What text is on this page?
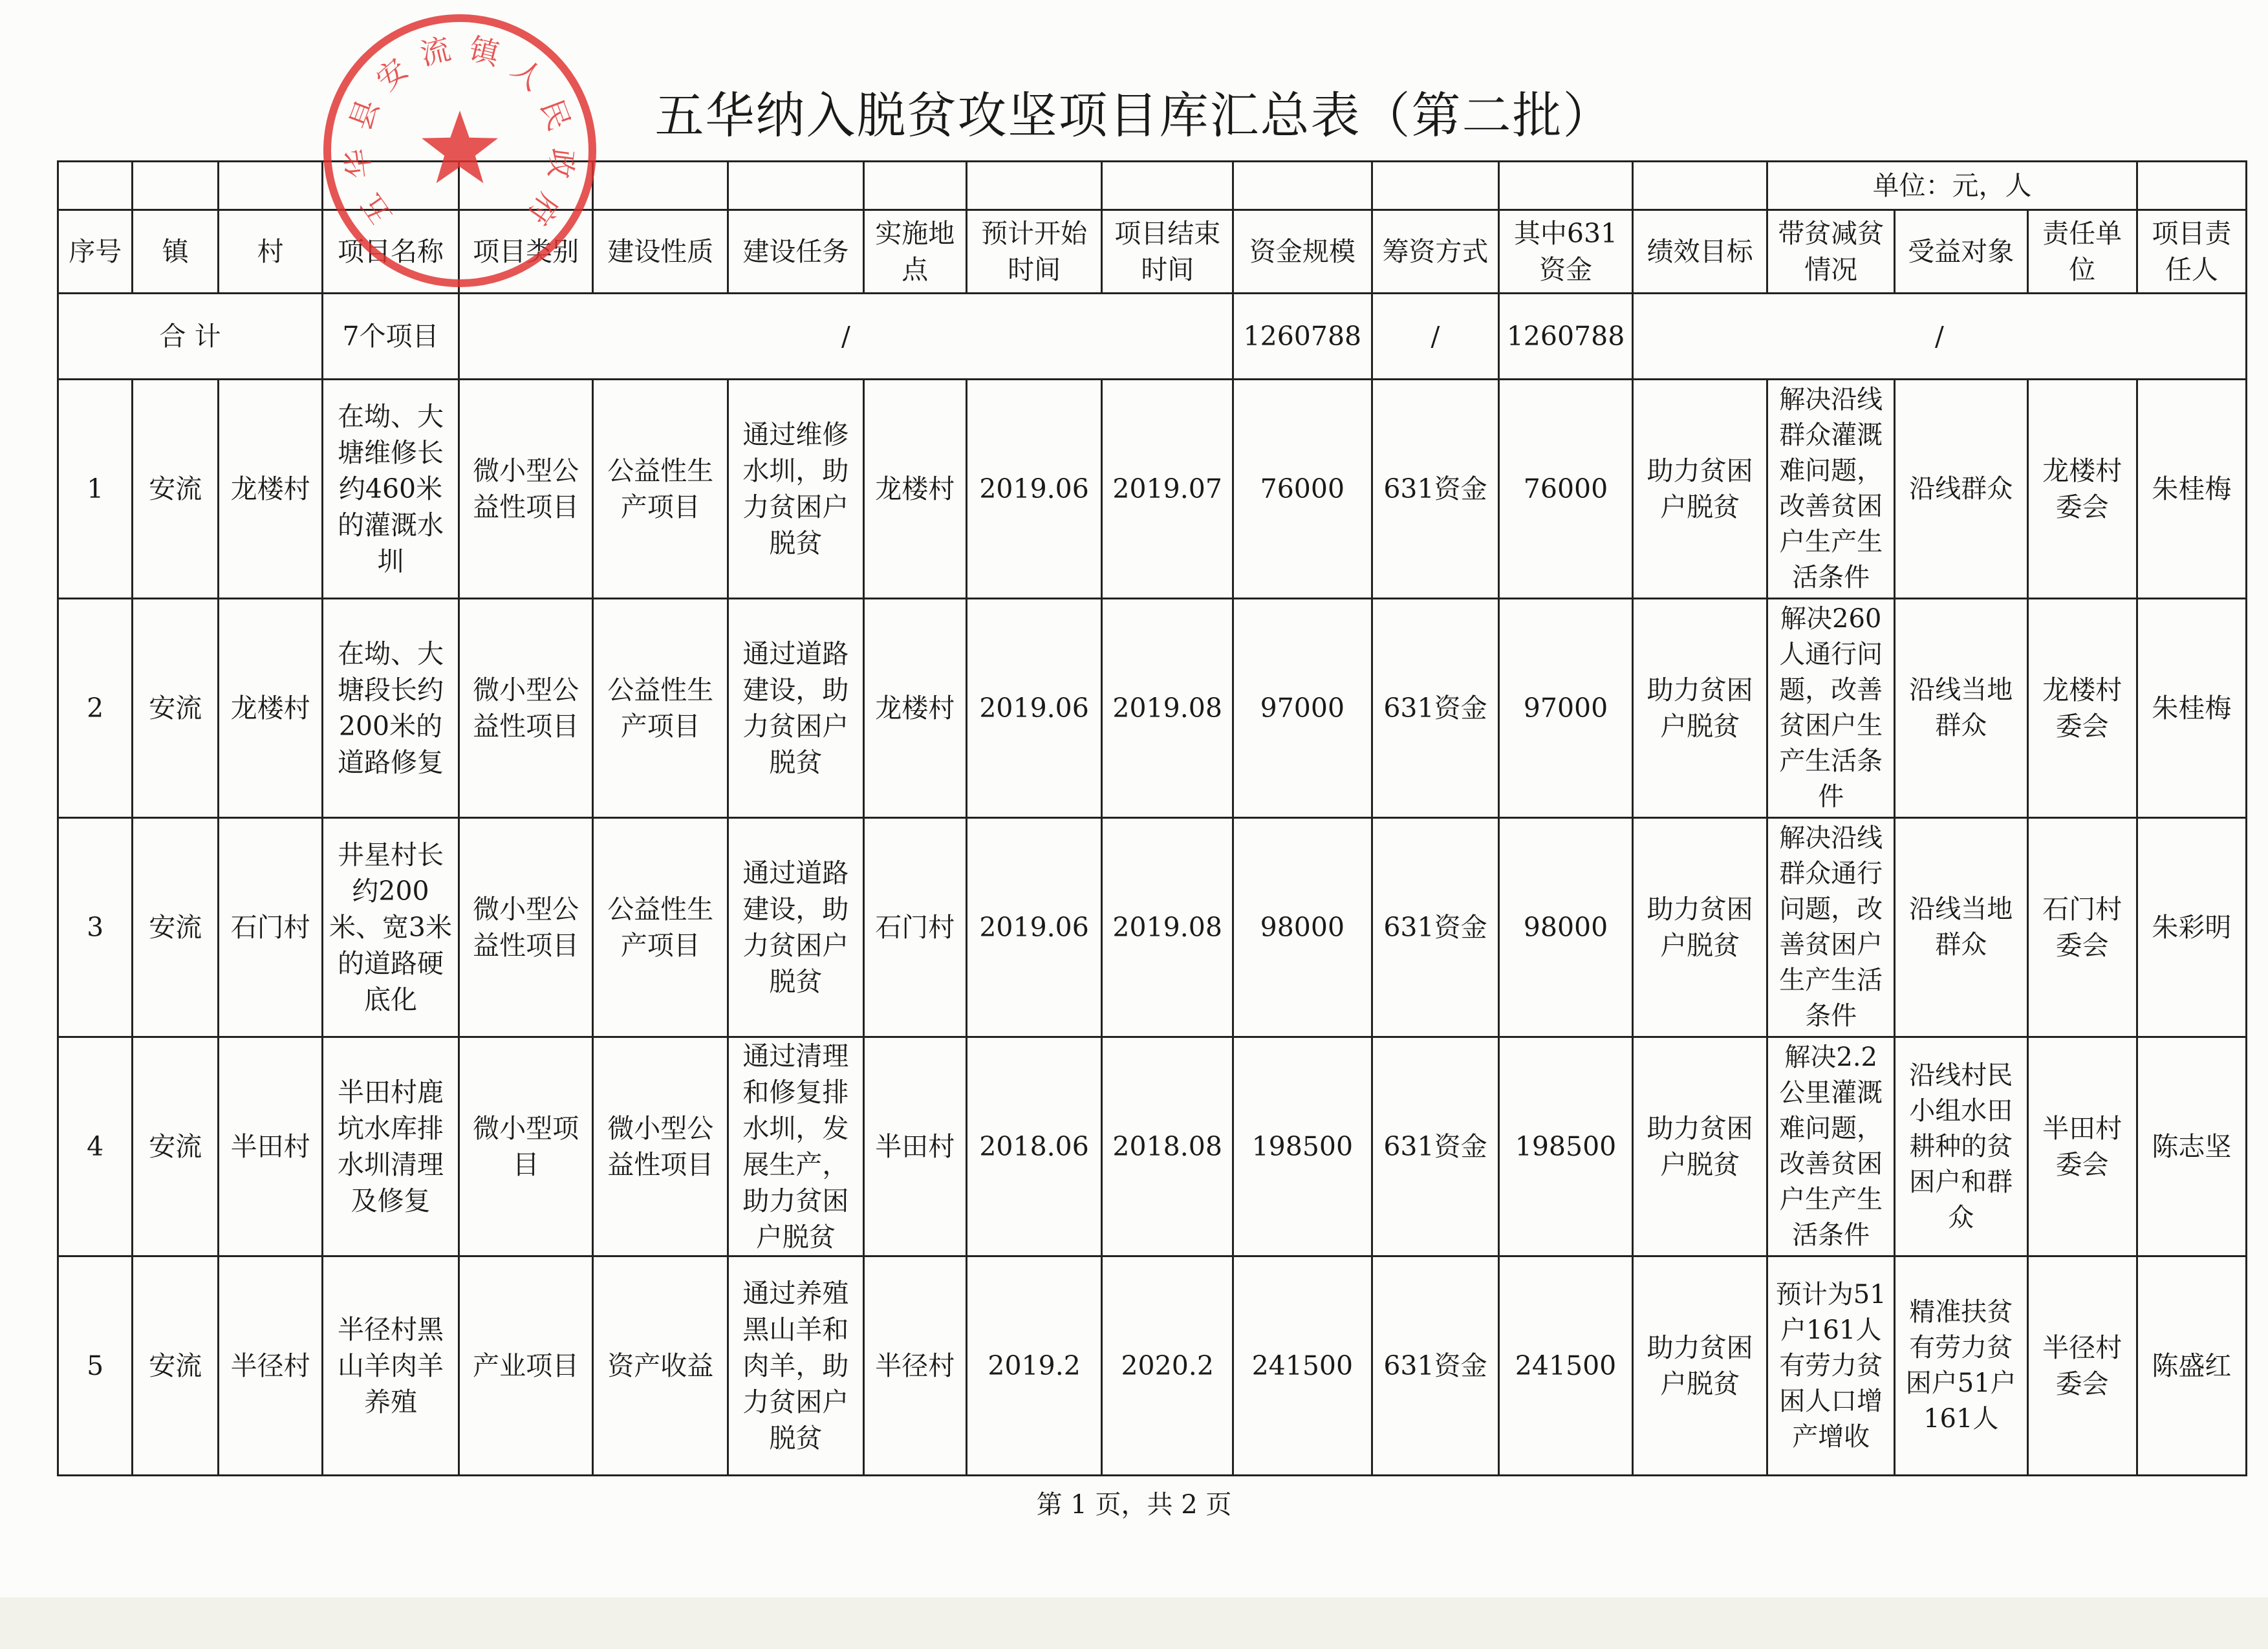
五华纳入脱贫攻坚项目库汇总表（第二批）
														单位：元，人			
序号	镇	村	项目名称	项目类别	建设性质	建设任务	实施地点	预计开始时间	项目结束时间	资金规模	筹资方式	其中631资金	绩效目标	带贫减贫情况	受益对象	责任单位	项目责任人
合 计			7个项目	/						1260788	/	1260788	/				
1	安流	龙楼村	在坳、大塘维修长约460米的灌溉水圳	微小型公益性项目	公益性生产项目	通过维修水圳，助力贫困户脱贫	龙楼村	2019.06	2019.07	76000	631资金	76000	助力贫困户脱贫	解决沿线群众灌溉难问题，改善贫困户生产生活条件	沿线群众	龙楼村委会	朱桂梅
2	安流	龙楼村	在坳、大塘段长约200米的道路修复	微小型公益性项目	公益性生产项目	通过道路建设，助力贫困户脱贫	龙楼村	2019.06	2019.08	97000	631资金	97000	助力贫困户脱贫	解决260人通行问题，改善贫困户生产生活条件	沿线当地群众	龙楼村委会	朱桂梅
3	安流	石门村	井星村长约200米、宽3米的道路硬底化	微小型公益性项目	公益性生产项目	通过道路建设，助力贫困户脱贫	石门村	2019.06	2019.08	98000	631资金	98000	助力贫困户脱贫	解决沿线群众通行问题，改善贫困户生产生活条件	沿线当地群众	石门村委会	朱彩明
4	安流	半田村	半田村鹿坑水库排水圳清理及修复	微小型项目	微小型公益性项目	通过清理和修复排水圳，发展生产，助力贫困户脱贫	半田村	2018.06	2018.08	198500	631资金	198500	助力贫困户脱贫	解决2.2公里灌溉难问题，改善贫困户生产生活条件	沿线村民小组水田耕种的贫困户和群众	半田村委会	陈志坚
5	安流	半径村	半径村黑山羊肉羊养殖	产业项目	资产收益	通过养殖黑山羊和肉羊，助力贫困户脱贫	半径村	2019.2	2020.2	241500	631资金	241500	助力贫困户脱贫	预计为51户161人有劳力贫困人口增产增收	精准扶贫有劳力贫困户51户161人	半径村委会	陈盛红
五
华
县
安 流 镇 人
民
政
府
第 1 页，共 2 页
